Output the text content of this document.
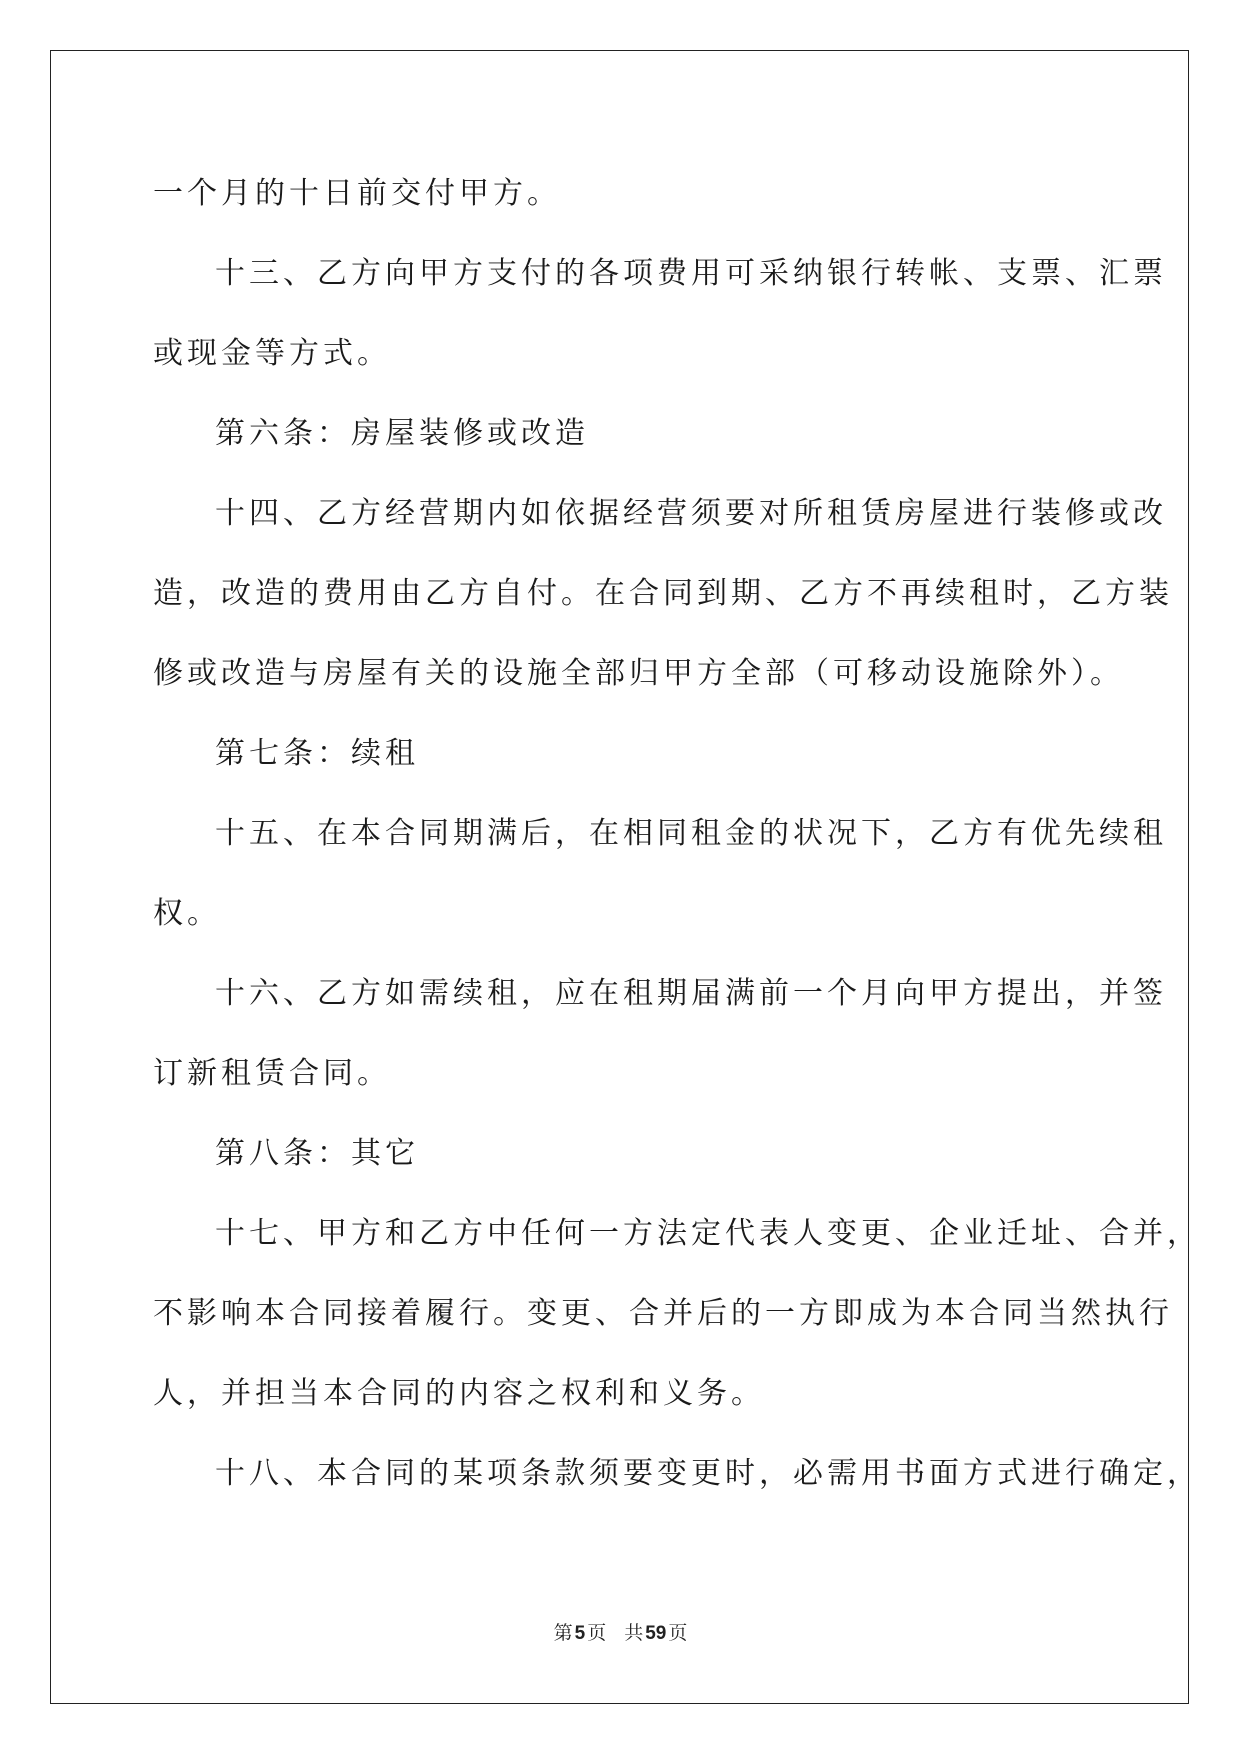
一个月的十日前交付甲方。
十三、乙方向甲方支付的各项费用可采纳银行转帐、支票、汇票
或现金等方式。
第六条：房屋装修或改造
十四、乙方经营期内如依据经营须要对所租赁房屋进行装修或改
造，改造的费用由乙方自付。在合同到期、乙方不再续租时，乙方装
修或改造与房屋有关的设施全部归甲方全部（可移动设施除外）。
第七条：续租
十五、在本合同期满后，在相同租金的状况下，乙方有优先续租
权。
十六、乙方如需续租，应在租期届满前一个月向甲方提出，并签
订新租赁合同。
第八条：其它
十七、甲方和乙方中任何一方法定代表人变更、企业迁址、合并，
不影响本合同接着履行。变更、合并后的一方即成为本合同当然执行
人，并担当本合同的内容之权利和义务。
十八、本合同的某项条款须要变更时，必需用书面方式进行确定，
第 5 页 共 59 页
